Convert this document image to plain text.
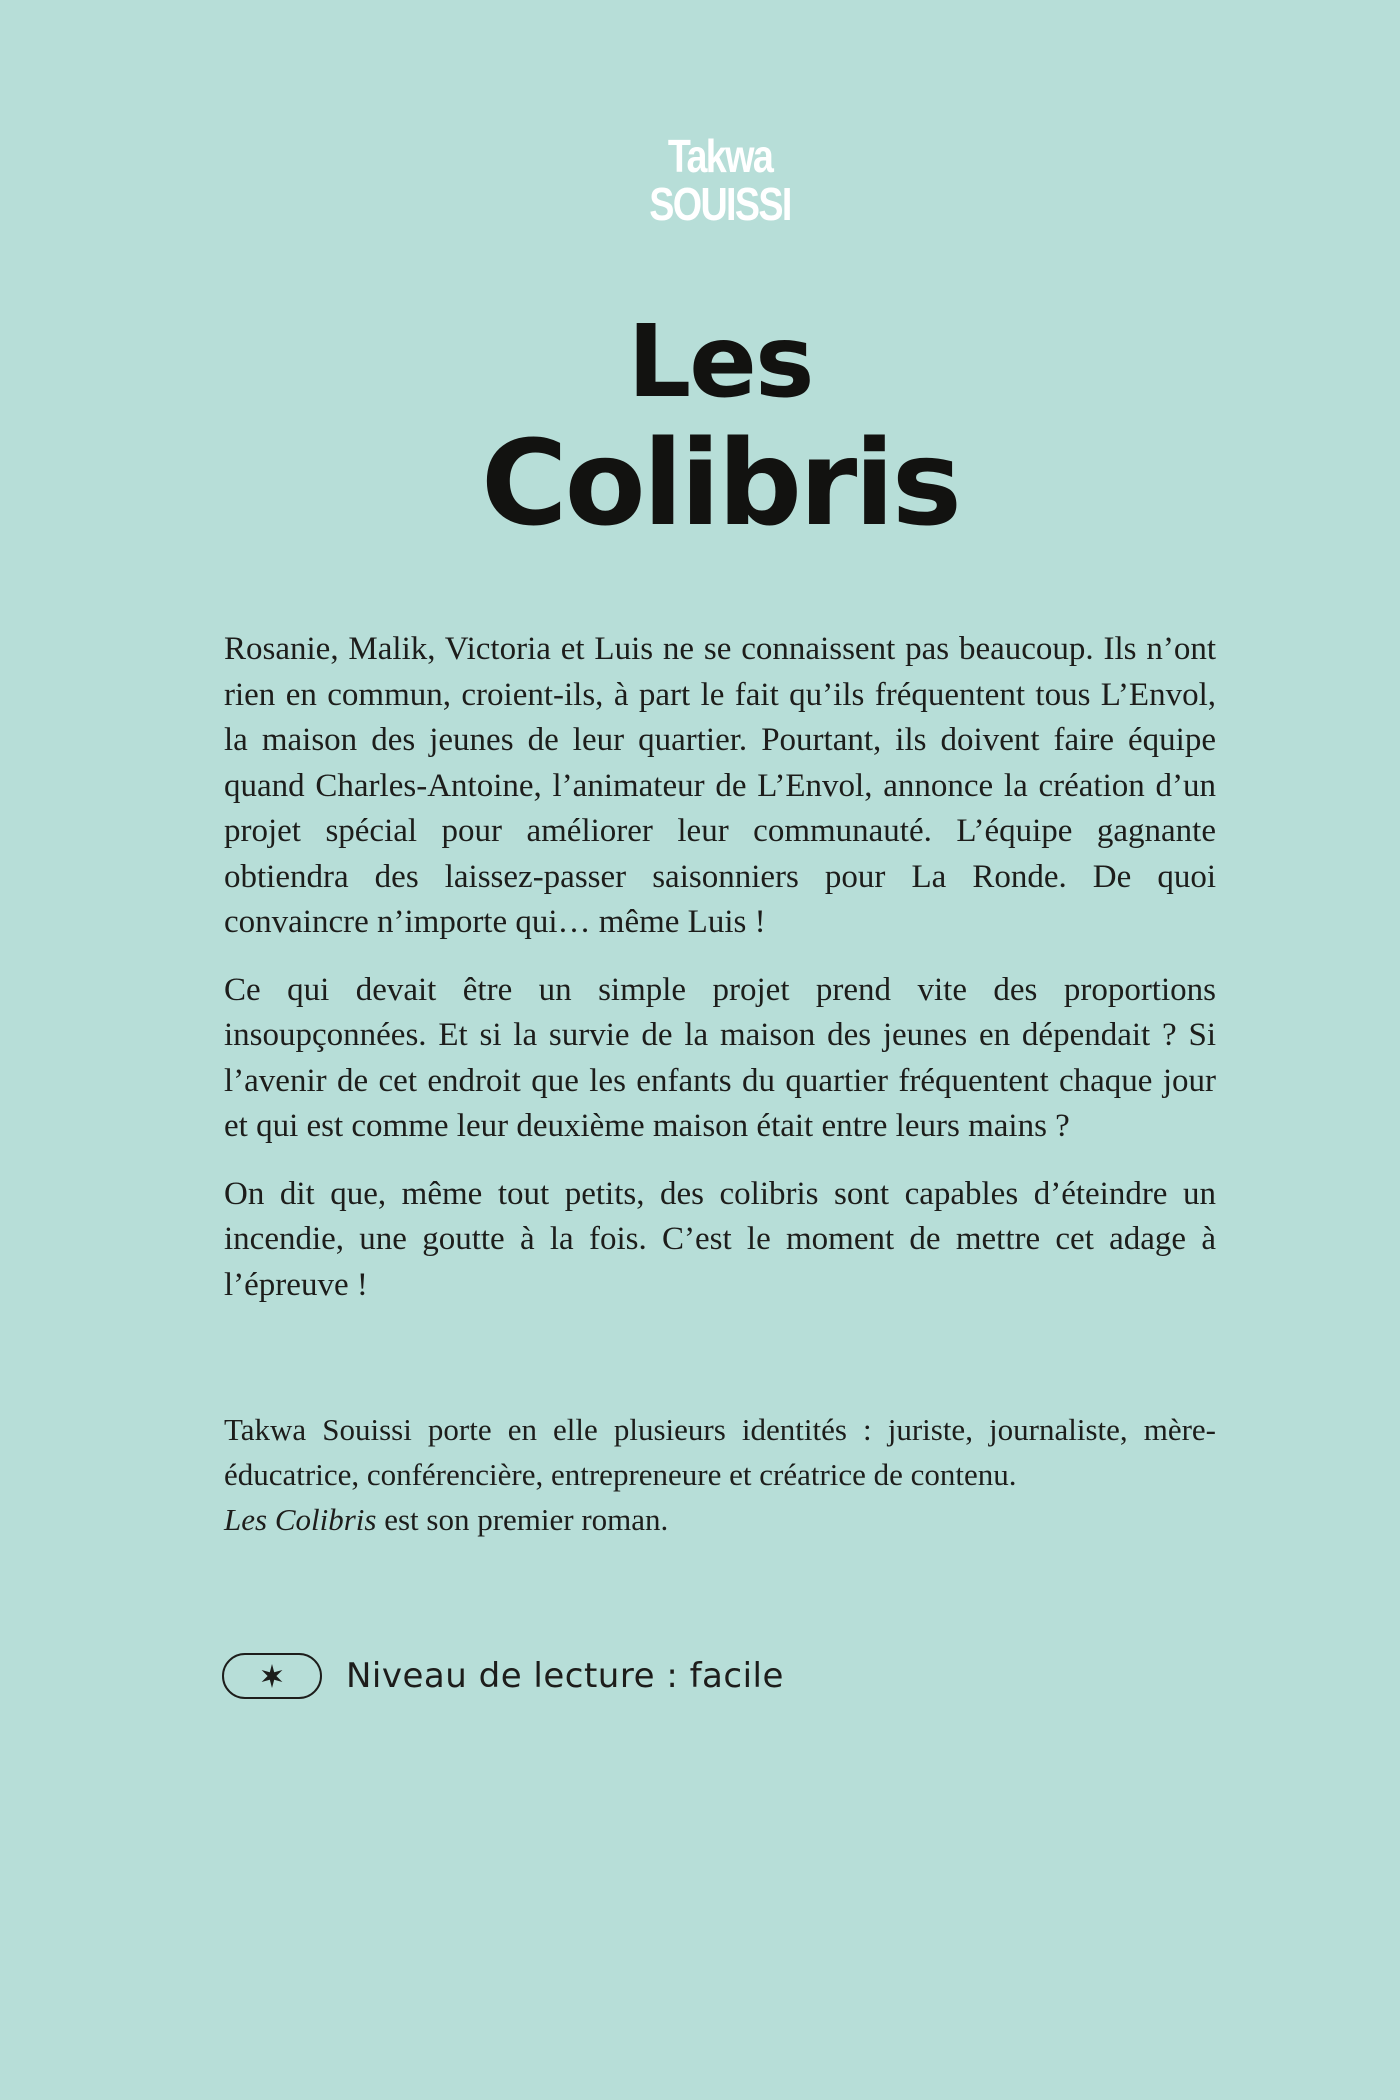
Takwa
SOUISSI
Les
Colibris

Rosanie, Malik, Victoria et Luis ne se connaissent pas beaucoup. Ils n’ont rien en commun, croient-ils, à part le fait qu’ils fréquentent tous L’Envol, la maison des jeunes de leur quartier. Pourtant, ils doivent faire équipe quand Charles-Antoine, l’animateur de L’Envol, annonce la création d’un projet spécial pour améliorer leur communauté. L’équipe gagnante obtiendra des laissez-passer saisonniers pour La Ronde. De quoi convaincre n’importe qui… même Luis !

Ce qui devait être un simple projet prend vite des proportions insoupçonnées. Et si la survie de la maison des jeunes en dépendait ? Si l’avenir de cet endroit que les enfants du quartier fréquentent chaque jour et qui est comme leur deuxième maison était entre leurs mains ?

On dit que, même tout petits, des colibris sont capables d’éteindre un incendie, une goutte à la fois. C’est le moment de mettre cet adage à l’épreuve !

Takwa Souissi porte en elle plusieurs identités : juriste, journaliste, mère-éducatrice, conférencière, entrepreneure et créatrice de contenu.
Les Colibris est son premier roman.

Niveau de lecture : facile
